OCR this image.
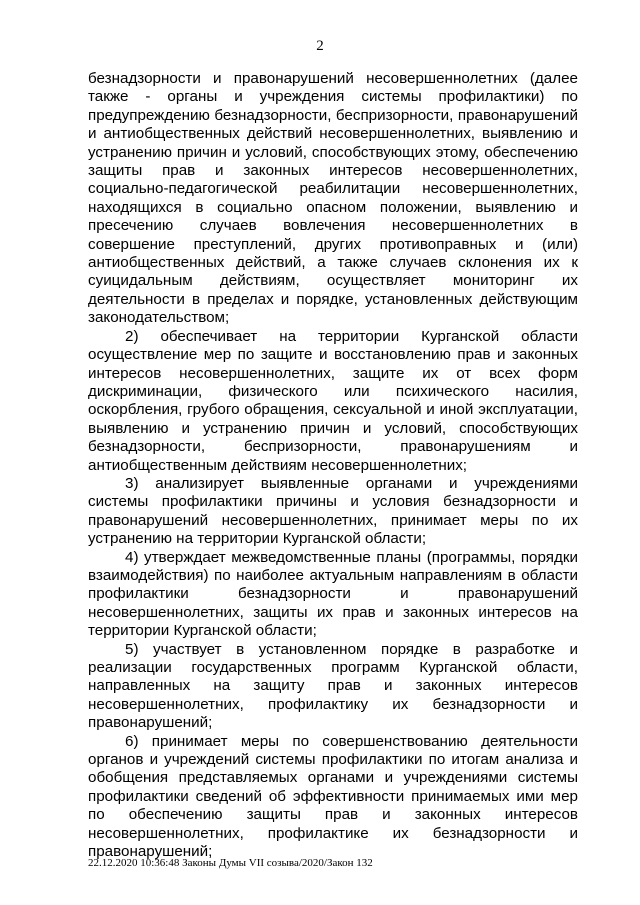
2

безнадзорности и правонарушений несовершеннолетних (далее также - органы и учреждения системы профилактики) по предупреждению безнадзорности, беспризорности, правонарушений и антиобщественных действий несовершеннолетних, выявлению и устранению причин и условий, способствующих этому, обеспечению защиты прав и законных интересов несовершеннолетних, социально-педагогической реабилитации несовершеннолетних, находящихся в социально опасном положении, выявлению и пресечению случаев вовлечения несовершеннолетних в совершение преступлений, других противоправных и (или) антиобщественных действий, а также случаев склонения их к суицидальным действиям, осуществляет мониторинг их деятельности в пределах и порядке, установленных действующим законодательством;

2) обеспечивает на территории Курганской области осуществление мер по защите и восстановлению прав и законных интересов несовершеннолетних, защите их от всех форм дискриминации, физического или психического насилия, оскорбления, грубого обращения, сексуальной и иной эксплуатации, выявлению и устранению причин и условий, способствующих безнадзорности, беспризорности, правонарушениям и антиобщественным действиям несовершеннолетних;

3) анализирует выявленные органами и учреждениями системы профилактики причины и условия безнадзорности и правонарушений несовершеннолетних, принимает меры по их устранению на территории Курганской области;

4) утверждает межведомственные планы (программы, порядки взаимодействия) по наиболее актуальным направлениям в области профилактики безнадзорности и правонарушений несовершеннолетних, защиты их прав и законных интересов на территории Курганской области;

5) участвует в установленном порядке в разработке и реализации государственных программ Курганской области, направленных на защиту прав и законных интересов несовершеннолетних, профилактику их безнадзорности и правонарушений;

6) принимает меры по совершенствованию деятельности органов и учреждений системы профилактики по итогам анализа и обобщения представляемых органами и учреждениями системы профилактики сведений об эффективности принимаемых ими мер по обеспечению защиты прав и законных интересов несовершеннолетних, профилактике их безнадзорности и правонарушений;

22.12.2020 10:36:48 Законы Думы VII созыва/2020/Закон 132
